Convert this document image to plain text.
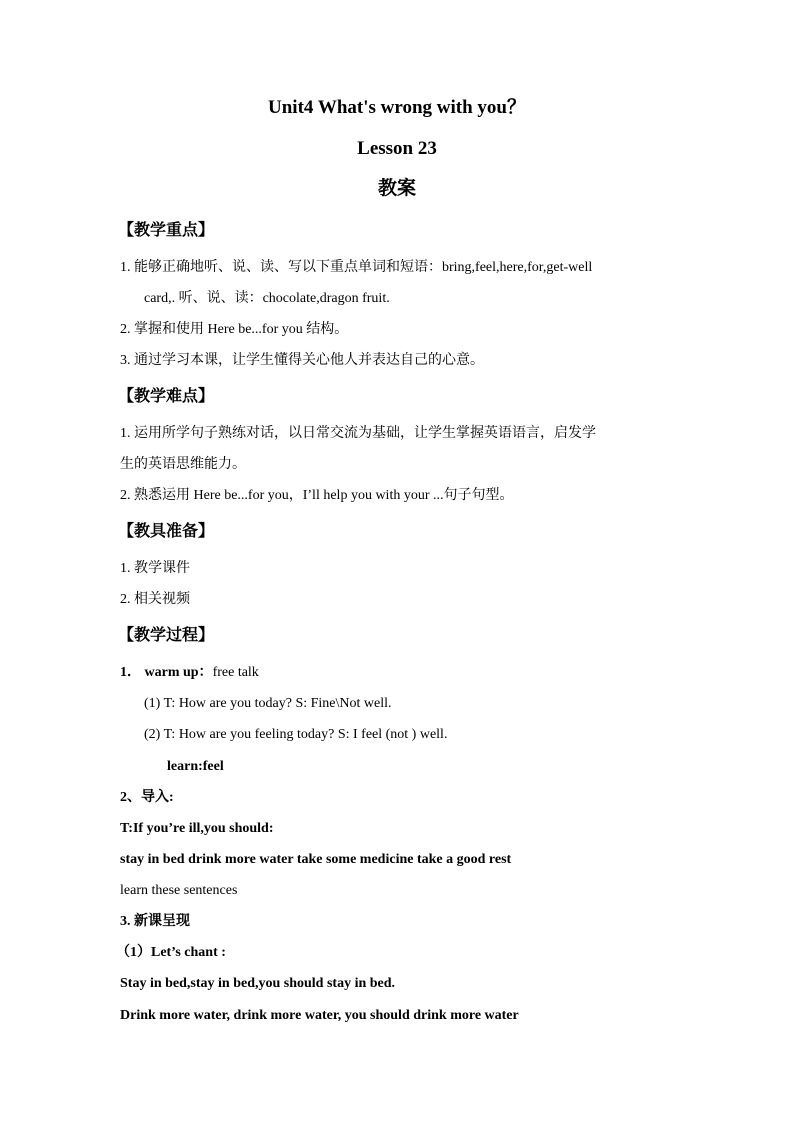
Unit4 What's wrong with you？
Lesson 23
教案
【教学重点】
1. 能够正确地听、说、读、写以下重点单词和短语：bring,feel,here,for,get-well
card,. 听、说、读：chocolate,dragon fruit.
2. 掌握和使用 Here be...for you 结构。
3. 通过学习本课，让学生懂得关心他人并表达自己的心意。
【教学难点】
1. 运用所学句子熟练对话，以日常交流为基础，让学生掌握英语语言，启发学
生的英语思维能力。
2. 熟悉运用 Here be...for you，I’ll help you with your ...句子句型。
【教具准备】
1. 教学课件
2. 相关视频
【教学过程】
1． warm up：free talk
(1) T: How are you today? S: Fine\Not well.
(2) T: How are you feeling today? S: I feel (not ) well.
learn:feel
2、导入:
T:If you’re ill,you should:
stay in bed drink more water take some medicine take a good rest
learn these sentences
3. 新课呈现
（1）Let’s chant :
Stay in bed,stay in bed,you should stay in bed.
Drink more water, drink more water, you should drink more water
